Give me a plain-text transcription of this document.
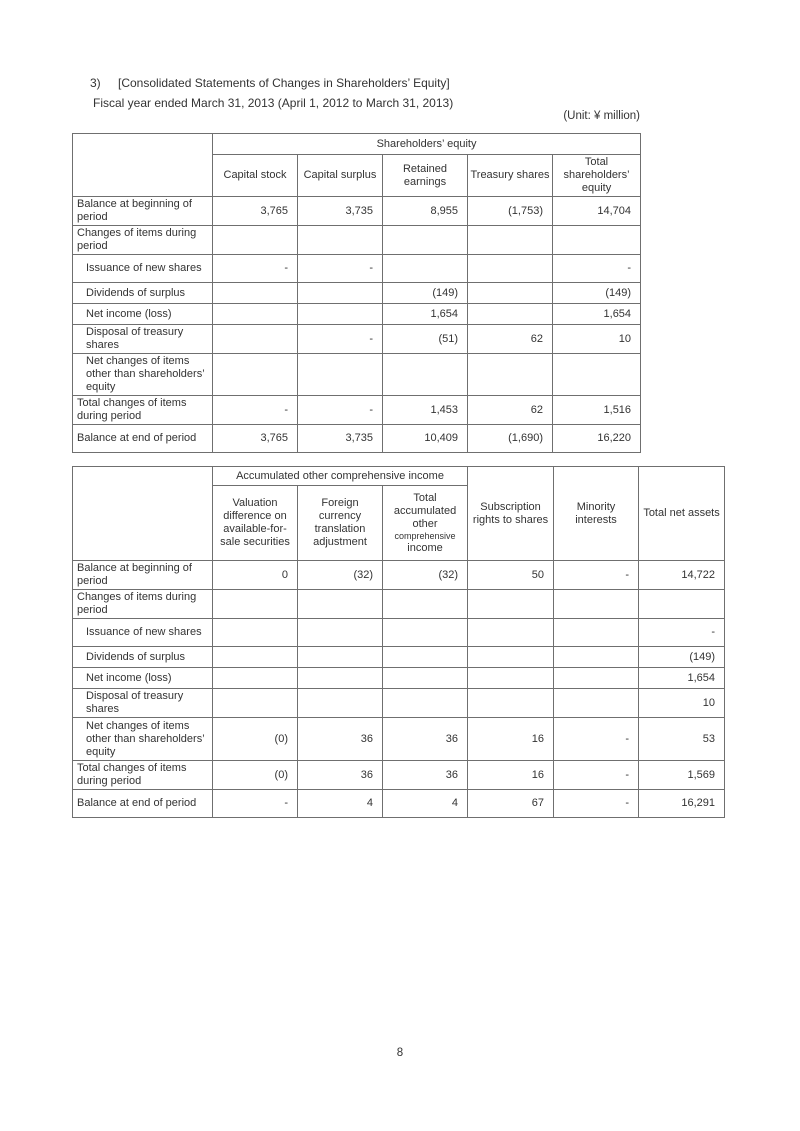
3) [Consolidated Statements of Changes in Shareholders’ Equity]
Fiscal year ended March 31, 2013 (April 1, 2012 to March 31, 2013)
(Unit: ¥ million)
	Shareholders’ equity				
	Capital stock	Capital surplus	Retained earnings	Treasury shares	Total shareholders’ equity
Balance at beginning of period	3,765	3,735	8,955	(1,753)	14,704
Changes of items during period					
Issuance of new shares	-	-			-
Dividends of surplus			(149)		(149)
Net income (loss)			1,654		1,654
Disposal of treasury shares		-	(51)	62	10
Net changes of items other than shareholders’ equity					
Total changes of items during period	-	-	1,453	62	1,516
Balance at end of period	3,765	3,735	10,409	(1,690)	16,220
	Accumulated other comprehensive income			Subscription rights to shares	Minority interests	Total net assets
	Valuation difference on available-for-sale securities	Foreign currency translation adjustment	Total accumulated other
comprehensive
income			
Balance at beginning of period	0	(32)	(32)	50	-	14,722
Changes of items during period						
Issuance of new shares						-
Dividends of surplus						(149)
Net income (loss)						1,654
Disposal of treasury shares						10
Net changes of items other than shareholders’ equity	(0)	36	36	16	-	53
Total changes of items during period	(0)	36	36	16	-	1,569
Balance at end of period	-	4	4	67	-	16,291
8
